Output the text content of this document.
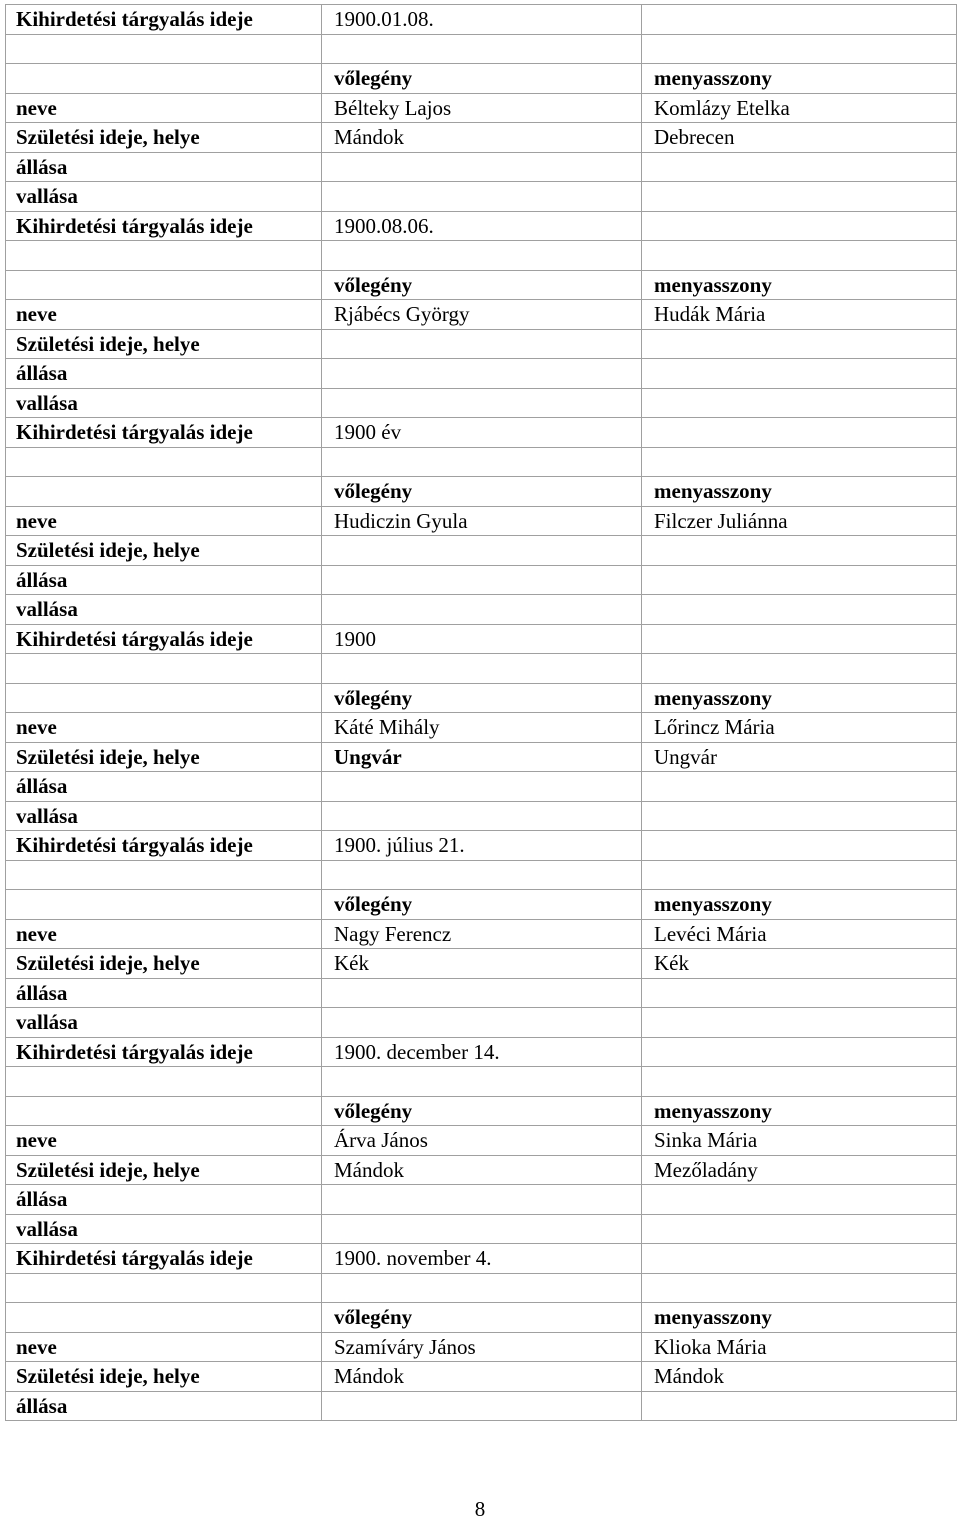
Kihirdetési tárgyalás ideje	1900.01.08.	

	vőlegény	menyasszony
neve	Bélteky Lajos	Komlázy Etelka
Születési ideje, helye	Mándok	Debrecen
állása		
vallása		
Kihirdetési tárgyalás ideje	1900.08.06.	

	vőlegény	menyasszony
neve	Rjábécs György	Hudák Mária
Születési ideje, helye		
állása		
vallása		
Kihirdetési tárgyalás ideje	1900 év	

	vőlegény	menyasszony
neve	Hudiczin Gyula	Filczer Juliánna
Születési ideje, helye		
állása		
vallása		
Kihirdetési tárgyalás ideje	1900	

	vőlegény	menyasszony
neve	Káté Mihály	Lőrincz Mária
Születési ideje, helye	Ungvár	Ungvár
állása		
vallása		
Kihirdetési tárgyalás ideje	1900. július 21.	

	vőlegény	menyasszony
neve	Nagy Ferencz	Levéci Mária
Születési ideje, helye	Kék	Kék
állása		
vallása		
Kihirdetési tárgyalás ideje	1900. december 14.	

	vőlegény	menyasszony
neve	Árva János	Sinka Mária
Születési ideje, helye	Mándok	Mezőladány
állása		
vallása		
Kihirdetési tárgyalás ideje	1900. november 4.	

	vőlegény	menyasszony
neve	Szamíváry János	Klioka Mária
Születési ideje, helye	Mándok	Mándok
állása		
8
